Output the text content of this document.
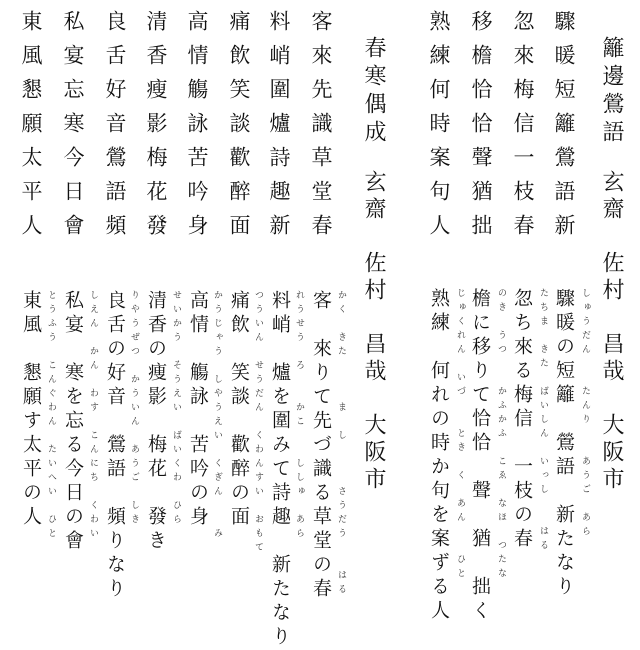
籬邊鶯語
玄齋　佐村　昌哉　大阪市
驟暖短籬鶯語新
忽來梅信一枝春
移檐恰恰聲猶拙
熟練何時案句人
しゅうだん　　たんり　　あうご　あら
たちま　きた　ばいしん　いっし　　はる
のき　うつ　　かふかふ　こゑ　なほ　つたな
じゅくれん　いづ　　とき　く　あん　　ひと	驟暖の短籬　鶯語　新たなり
忽ち來る梅信　一枝の春
檐に移りて恰恰　聲　猶　拙く
熟練　何れの時か句を案ずる人
春寒偶成
玄齋　佐村　昌哉　大阪市
客來先識草堂春
料峭圍爐詩趣新
痛飲笑談歡醉面
高情觴詠苦吟身
清香瘦影梅花發
良舌好音鶯語頻
私宴忘寒今日會
東風懇願太平人
かく　きた　　　ま　し　　　さうだう　　はる
れうせう　ろ　　かこ　　ししゅ　あら
つういん　せうだん　くわんすい　おもて
かうじゃう　しやうえい　くぎん　　み
せいかう　そうえい　ばいくわ　ひら
りやうぜつ　かういん　あうご　しき
しえん　かん　わす　こんにち　くわい
とうふう　こんぐわん　たいへい　ひと	客　來りて先づ識る草堂の春
料峭　爐を圍みて詩趣　新たなり
痛飲　笑談　歡醉の面
高情　觴詠　苦吟の身
清香の痩影　梅花　發き
良舌の好音　鶯語　頻りなり
私宴　寒を忘る今日の會
東風　懇願す太平の人
